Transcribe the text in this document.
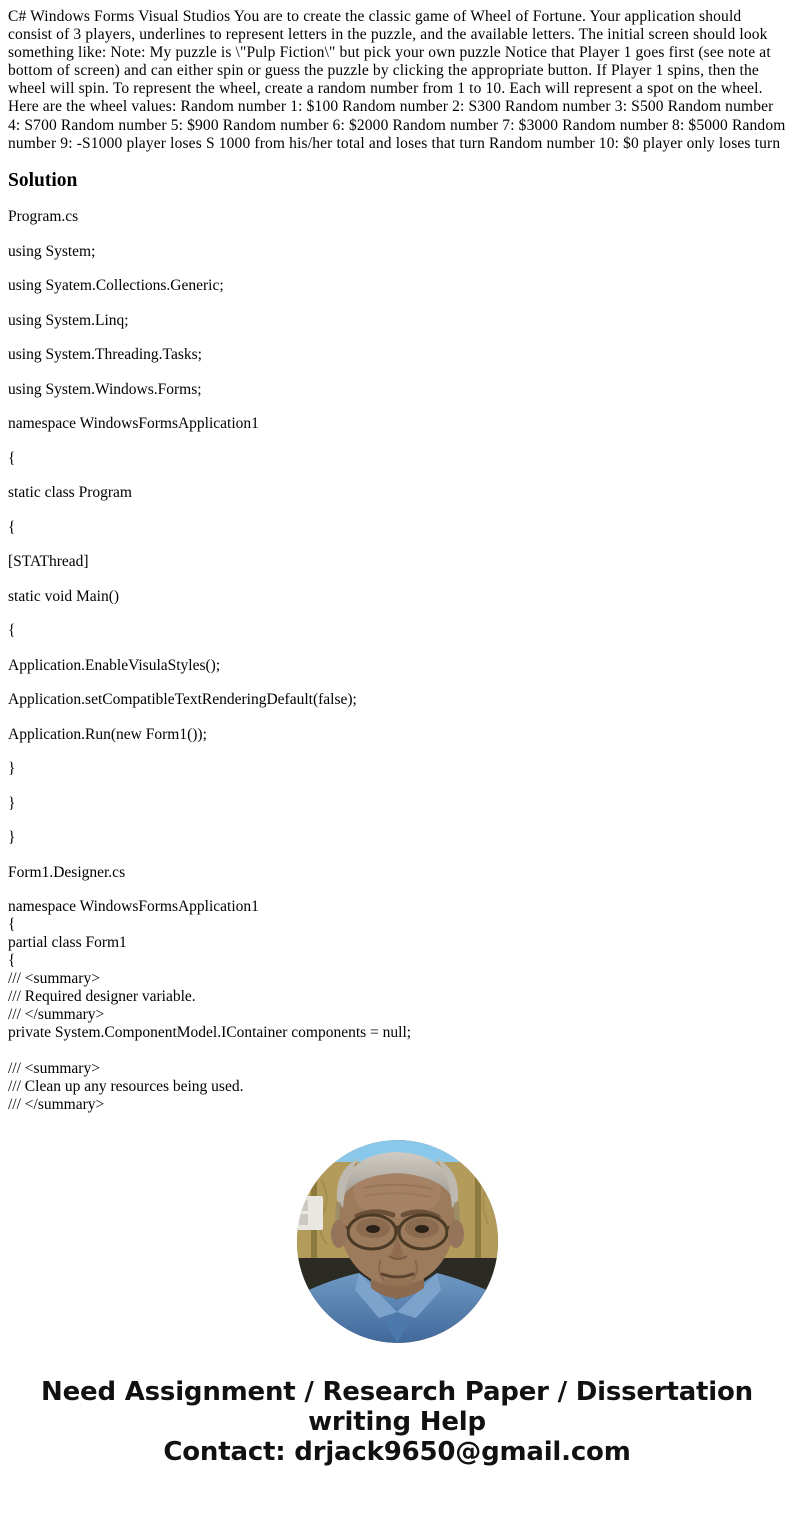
C# Windows Forms Visual Studios You are to create the classic game of Wheel of Fortune. Your application should consist of 3 players, underlines to represent letters in the puzzle, and the available letters. The initial screen should look something like: Note: My puzzle is \"Pulp Fiction\" but pick your own puzzle Notice that Player 1 goes first (see note at bottom of screen) and can either spin or guess the puzzle by clicking the appropriate button. If Player 1 spins, then the wheel will spin. To represent the wheel, create a random number from 1 to 10. Each will represent a spot on the wheel. Here are the wheel values: Random number 1: $100 Random number 2: S300 Random number 3: S500 Random number 4: S700 Random number 5: $900 Random number 6: $2000 Random number 7: $3000 Random number 8: $5000 Random number 9: -S1000 player loses S 1000 from his/her total and loses that turn Random number 10: $0 player only loses turn

Solution

Program.cs

using System;

using Syatem.Collections.Generic;

using System.Linq;

using System.Threading.Tasks;

using System.Windows.Forms;

namespace WindowsFormsApplication1

{

static class Program

{

[STAThread]

static void Main()

{

Application.EnableVisulaStyles();

Application.setCompatibleTextRenderingDefault(false);

Application.Run(new Form1());

}

}

}

Form1.Designer.cs

namespace WindowsFormsApplication1
{
partial class Form1
{
/// <summary>
/// Required designer variable.
/// </summary>
private System.ComponentModel.IContainer components = null;
/// <summary>
/// Clean up any resources being used.
/// </summary>
Need Assignment / Research Paper / Dissertation
writing Help
Contact: drjack9650@gmail.com
